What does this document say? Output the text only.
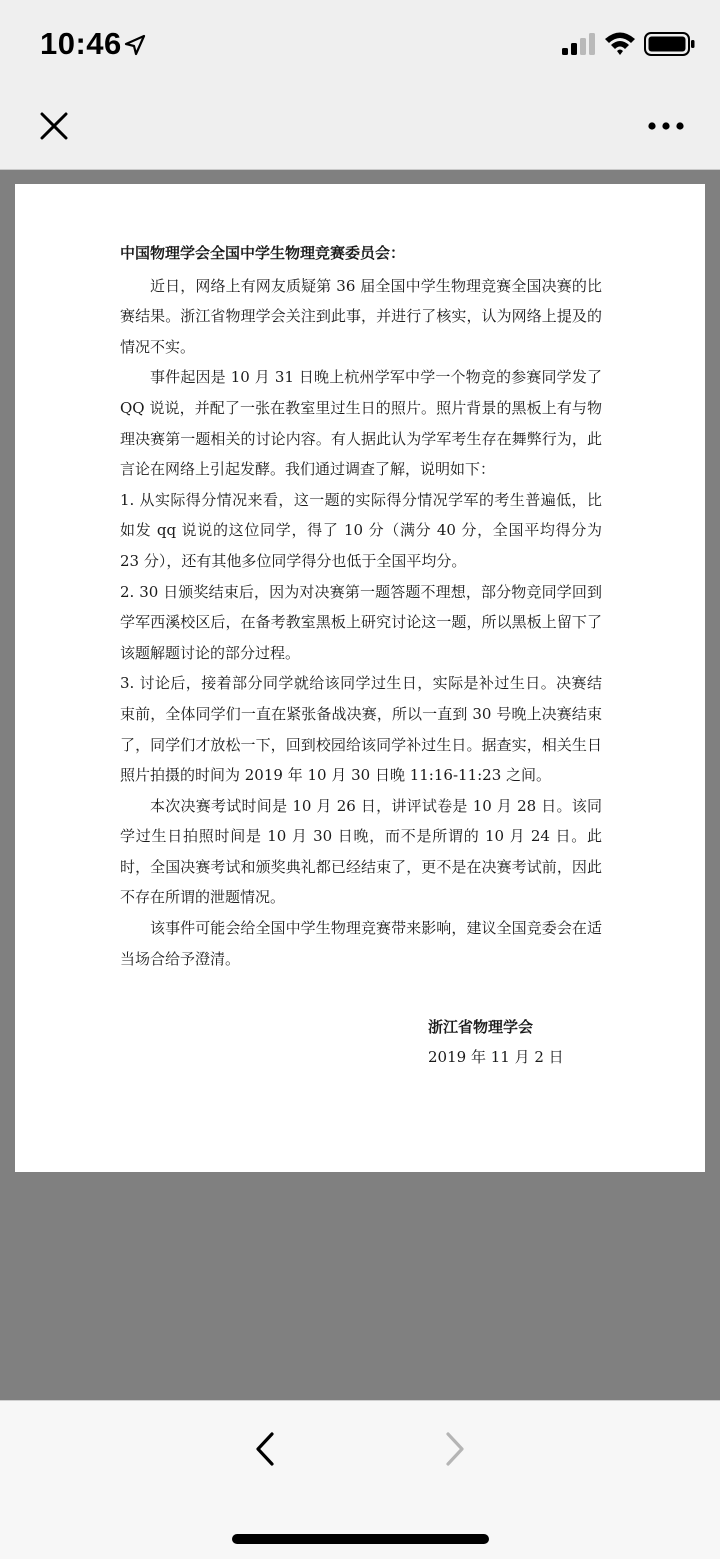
10:46

中国物理学会全国中学生物理竞赛委员会：

近日，网络上有网友质疑第 36 届全国中学生物理竞赛全国决赛的比赛结果。浙江省物理学会关注到此事，并进行了核实，认为网络上提及的情况不实。

事件起因是 10 月 31 日晚上杭州学军中学一个物竞的参赛同学发了 QQ 说说，并配了一张在教室里过生日的照片。照片背景的黑板上有与物理决赛第一题相关的讨论内容。有人据此认为学军考生存在舞弊行为，此言论在网络上引起发酵。我们通过调查了解，说明如下：

1. 从实际得分情况来看，这一题的实际得分情况学军的考生普遍低，比如发 qq 说说的这位同学，得了 10 分（满分 40 分，全国平均得分为 23 分），还有其他多位同学得分也低于全国平均分。

2. 30 日颁奖结束后，因为对决赛第一题答题不理想，部分物竞同学回到学军西溪校区后，在备考教室黑板上研究讨论这一题，所以黑板上留下了该题解题讨论的部分过程。

3. 讨论后，接着部分同学就给该同学过生日，实际是补过生日。决赛结束前，全体同学们一直在紧张备战决赛，所以一直到 30 号晚上决赛结束了，同学们才放松一下，回到校园给该同学补过生日。据查实，相关生日照片拍摄的时间为 2019 年 10 月 30 日晚 11:16-11:23 之间。

本次决赛考试时间是 10 月 26 日，讲评试卷是 10 月 28 日。该同学过生日拍照时间是 10 月 30 日晚，而不是所谓的 10 月 24 日。此时，全国决赛考试和颁奖典礼都已经结束了，更不是在决赛考试前，因此不存在所谓的泄题情况。

该事件可能会给全国中学生物理竞赛带来影响，建议全国竞委会在适当场合给予澄清。

浙江省物理学会
2019 年 11 月 2 日
